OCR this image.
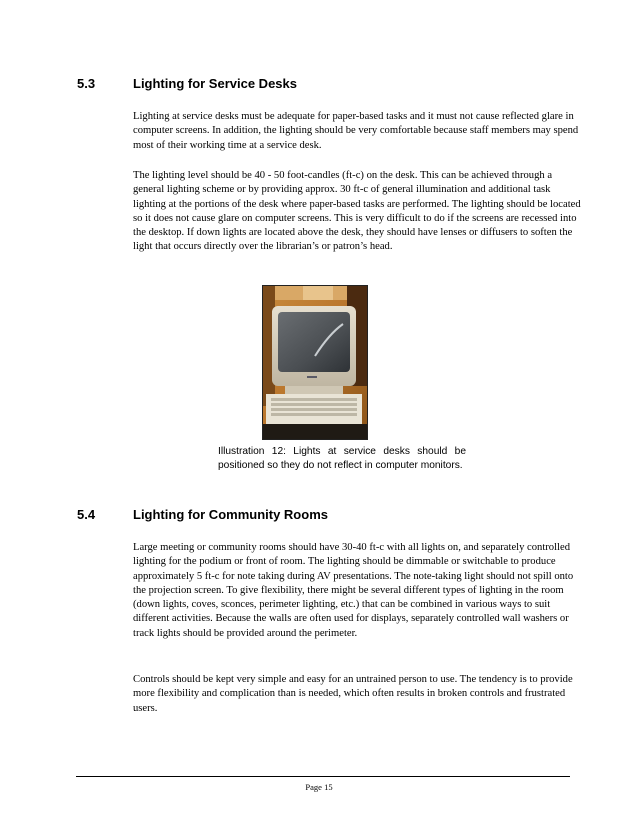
5.3	Lighting for Service Desks

Lighting at service desks must be adequate for paper-based tasks and it must not cause reflected glare in computer screens. In addition, the lighting should be very comfortable because staff members may spend most of their working time at a service desk.

The lighting level should be 40 - 50 foot-candles (ft-c) on the desk. This can be achieved through a general lighting scheme or by providing approx. 30 ft-c of general illumination and additional task lighting at the portions of the desk where paper-based tasks are performed. The lighting should be located so it does not cause glare on computer screens. This is very difficult to do if the screens are recessed into the desktop. If down lights are located above the desk, they should have lenses or diffusers to soften the light that occurs directly over the librarian’s or patron’s head.

Illustration 12: Lights at service desks should be positioned so they do not reflect in computer monitors.
5.4	Lighting for Community Rooms

Large meeting or community rooms should have 30-40 ft-c with all lights on, and separately controlled lighting for the podium or front of room. The lighting should be dimmable or switchable to produce approximately 5 ft-c for note taking during AV presentations. The note-taking light should not spill onto the projection screen. To give flexibility, there might be several different types of lighting in the room (down lights, coves, sconces, perimeter lighting, etc.) that can be combined in various ways to suit different activities. Because the walls are often used for displays, separately controlled wall washers or track lights should be provided around the perimeter.

Controls should be kept very simple and easy for an untrained person to use. The tendency is to provide more flexibility and complication than is needed, which often results in broken controls and frustrated users.

Page 15
